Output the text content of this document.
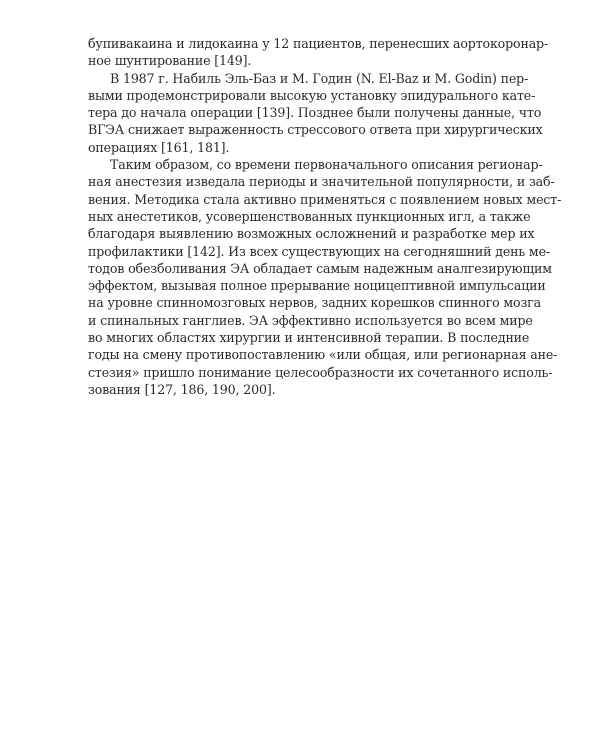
бупивакаина и лидокаина у 12 пациентов, перенесших аортокоронар-
ное шунтирование [149].

В 1987 г. Набиль Эль-Баз и М. Годин (N. El-Baz и M. Godin) пер-
выми продемонстрировали высокую установку эпидурального кате-
тера до начала операции [139]. Позднее были получены данные, что
ВГЭА снижает выраженность стрессового ответа при хирургических
операциях [161, 181].

Таким образом, со времени первоначального описания регионар-
ная анестезия изведала периоды и значительной популярности, и заб-
вения. Методика стала активно применяться с появлением новых мест-
ных анестетиков, усовершенствованных пункционных игл, а также
благодаря выявлению возможных осложнений и разработке мер их
профилактики [142]. Из всех существующих на сегодняшний день ме-
тодов обезболивания ЭА обладает самым надежным аналгезирующим
эффектом, вызывая полное прерывание ноцицептивной импульсации
на уровне спинномозговых нервов, задних корешков спинного мозга
и спинальных ганглиев. ЭА эффективно используется во всем мире
во многих областях хирургии и интенсивной терапии. В последние
годы на смену противопоставлению «или общая, или регионарная ане-
стезия» пришло понимание целесообразности их сочетанного исполь-
зования [127, 186, 190, 200].
